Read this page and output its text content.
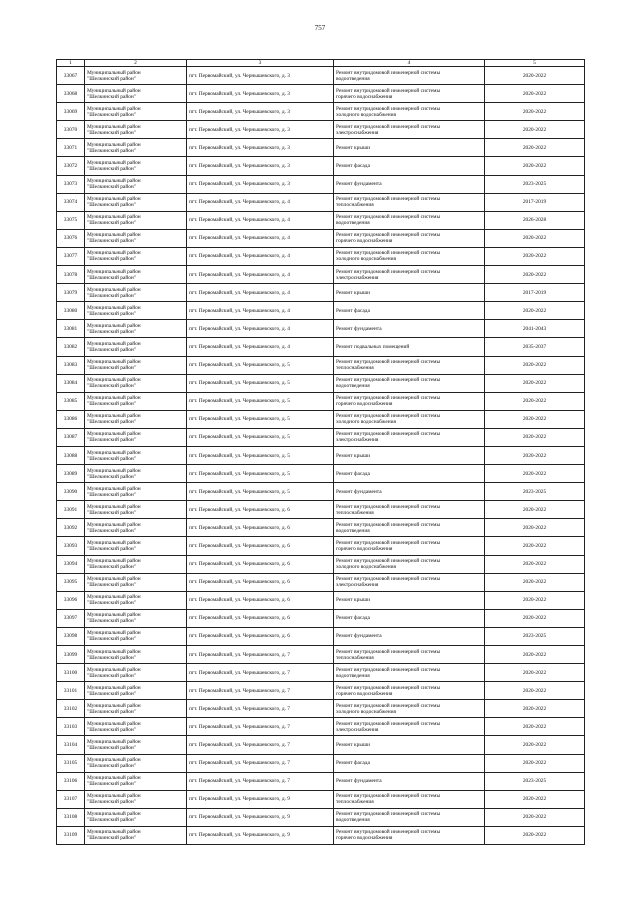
757
1	2	3	4	5
33067	Муниципальный район
"Шелкинский район"	пгт. Первомайский, ул. Чернышевского, д. 3	Ремонт внутридомовой инженерной системы
водоотведения	2020-2022
33068	Муниципальный район
"Шелкинский район"	пгт. Первомайский, ул. Чернышевского, д. 3	Ремонт внутридомовой инженерной системы
горячего водоснабжения	2020-2022
33069	Муниципальный район
"Шелкинский район"	пгт. Первомайский, ул. Чернышевского, д. 3	Ремонт внутридомовой инженерной системы
холодного водоснабжения	2020-2022
33070	Муниципальный район
"Шелкинский район"	пгт. Первомайский, ул. Чернышевского, д. 3	Ремонт внутридомовой инженерной системы
электроснабжения	2020-2022
33071	Муниципальный район
"Шелкинский район"	пгт. Первомайский, ул. Чернышевского, д. 3	Ремонт крыши	2020-2022
33072	Муниципальный район
"Шелкинский район"	пгт. Первомайский, ул. Чернышевского, д. 3	Ремонт фасада	2020-2022
33073	Муниципальный район
"Шелкинский район"	пгт. Первомайский, ул. Чернышевского, д. 3	Ремонт фундамента	2023-2025
33074	Муниципальный район
"Шелкинский район"	пгт. Первомайский, ул. Чернышевского, д. 4	Ремонт внутридомовой инженерной системы
теплоснабжения	2017-2019
33075	Муниципальный район
"Шелкинский район"	пгт. Первомайский, ул. Чернышевского, д. 4	Ремонт внутридомовой инженерной системы
водоотведения	2026-2028
33076	Муниципальный район
"Шелкинский район"	пгт. Первомайский, ул. Чернышевского, д. 4	Ремонт внутридомовой инженерной системы
горячего водоснабжения	2020-2022
33077	Муниципальный район
"Шелкинский район"	пгт. Первомайский, ул. Чернышевского, д. 4	Ремонт внутридомовой инженерной системы
холодного водоснабжения	2020-2022
33078	Муниципальный район
"Шелкинский район"	пгт. Первомайский, ул. Чернышевского, д. 4	Ремонт внутридомовой инженерной системы
электроснабжения	2020-2022
33079	Муниципальный район
"Шелкинский район"	пгт. Первомайский, ул. Чернышевского, д. 4	Ремонт крыши	2017-2019
33080	Муниципальный район
"Шелкинский район"	пгт. Первомайский, ул. Чернышевского, д. 4	Ремонт фасада	2020-2022
33081	Муниципальный район
"Шелкинский район"	пгт. Первомайский, ул. Чернышевского, д. 4	Ремонт фундамента	2041-2043
33082	Муниципальный район
"Шелкинский район"	пгт. Первомайский, ул. Чернышевского, д. 4	Ремонт подвальных помещений	2035-2037
33083	Муниципальный район
"Шелкинский район"	пгт. Первомайский, ул. Чернышевского, д. 5	Ремонт внутридомовой инженерной системы
теплоснабжения	2020-2022
33084	Муниципальный район
"Шелкинский район"	пгт. Первомайский, ул. Чернышевского, д. 5	Ремонт внутридомовой инженерной системы
водоотведения	2020-2022
33085	Муниципальный район
"Шелкинский район"	пгт. Первомайский, ул. Чернышевского, д. 5	Ремонт внутридомовой инженерной системы
горячего водоснабжения	2020-2022
33086	Муниципальный район
"Шелкинский район"	пгт. Первомайский, ул. Чернышевского, д. 5	Ремонт внутридомовой инженерной системы
холодного водоснабжения	2020-2022
33087	Муниципальный район
"Шелкинский район"	пгт. Первомайский, ул. Чернышевского, д. 5	Ремонт внутридомовой инженерной системы
электроснабжения	2020-2022
33088	Муниципальный район
"Шелкинский район"	пгт. Первомайский, ул. Чернышевского, д. 5	Ремонт крыши	2020-2022
33089	Муниципальный район
"Шелкинский район"	пгт. Первомайский, ул. Чернышевского, д. 5	Ремонт фасада	2020-2022
33090	Муниципальный район
"Шелкинский район"	пгт. Первомайский, ул. Чернышевского, д. 5	Ремонт фундамента	2023-2025
33091	Муниципальный район
"Шелкинский район"	пгт. Первомайский, ул. Чернышевского, д. 6	Ремонт внутридомовой инженерной системы
теплоснабжения	2020-2022
33092	Муниципальный район
"Шелкинский район"	пгт. Первомайский, ул. Чернышевского, д. 6	Ремонт внутридомовой инженерной системы
водоотведения	2020-2022
33093	Муниципальный район
"Шелкинский район"	пгт. Первомайский, ул. Чернышевского, д. 6	Ремонт внутридомовой инженерной системы
горячего водоснабжения	2020-2022
33094	Муниципальный район
"Шелкинский район"	пгт. Первомайский, ул. Чернышевского, д. 6	Ремонт внутридомовой инженерной системы
холодного водоснабжения	2020-2022
33095	Муниципальный район
"Шелкинский район"	пгт. Первомайский, ул. Чернышевского, д. 6	Ремонт внутридомовой инженерной системы
электроснабжения	2020-2022
33096	Муниципальный район
"Шелкинский район"	пгт. Первомайский, ул. Чернышевского, д. 6	Ремонт крыши	2020-2022
33097	Муниципальный район
"Шелкинский район"	пгт. Первомайский, ул. Чернышевского, д. 6	Ремонт фасада	2020-2022
33098	Муниципальный район
"Шелкинский район"	пгт. Первомайский, ул. Чернышевского, д. 6	Ремонт фундамента	2023-2025
33099	Муниципальный район
"Шелкинский район"	пгт. Первомайский, ул. Чернышевского, д. 7	Ремонт внутридомовой инженерной системы
теплоснабжения	2020-2022
33100	Муниципальный район
"Шелкинский район"	пгт. Первомайский, ул. Чернышевского, д. 7	Ремонт внутридомовой инженерной системы
водоотведения	2020-2022
33101	Муниципальный район
"Шелкинский район"	пгт. Первомайский, ул. Чернышевского, д. 7	Ремонт внутридомовой инженерной системы
горячего водоснабжения	2020-2022
33102	Муниципальный район
"Шелкинский район"	пгт. Первомайский, ул. Чернышевского, д. 7	Ремонт внутридомовой инженерной системы
холодного водоснабжения	2020-2022
33103	Муниципальный район
"Шелкинский район"	пгт. Первомайский, ул. Чернышевского, д. 7	Ремонт внутридомовой инженерной системы
электроснабжения	2020-2022
33104	Муниципальный район
"Шелкинский район"	пгт. Первомайский, ул. Чернышевского, д. 7	Ремонт крыши	2020-2022
33105	Муниципальный район
"Шелкинский район"	пгт. Первомайский, ул. Чернышевского, д. 7	Ремонт фасада	2020-2022
33106	Муниципальный район
"Шелкинский район"	пгт. Первомайский, ул. Чернышевского, д. 7	Ремонт фундамента	2023-2025
33107	Муниципальный район
"Шелкинский район"	пгт. Первомайский, ул. Чернышевского, д. 9	Ремонт внутридомовой инженерной системы
теплоснабжения	2020-2022
33108	Муниципальный район
"Шелкинский район"	пгт. Первомайский, ул. Чернышевского, д. 9	Ремонт внутридомовой инженерной системы
водоотведения	2020-2022
33109	Муниципальный район
"Шелкинский район"	пгт. Первомайский, ул. Чернышевского, д. 9	Ремонт внутридомовой инженерной системы
горячего водоснабжения	2020-2022
